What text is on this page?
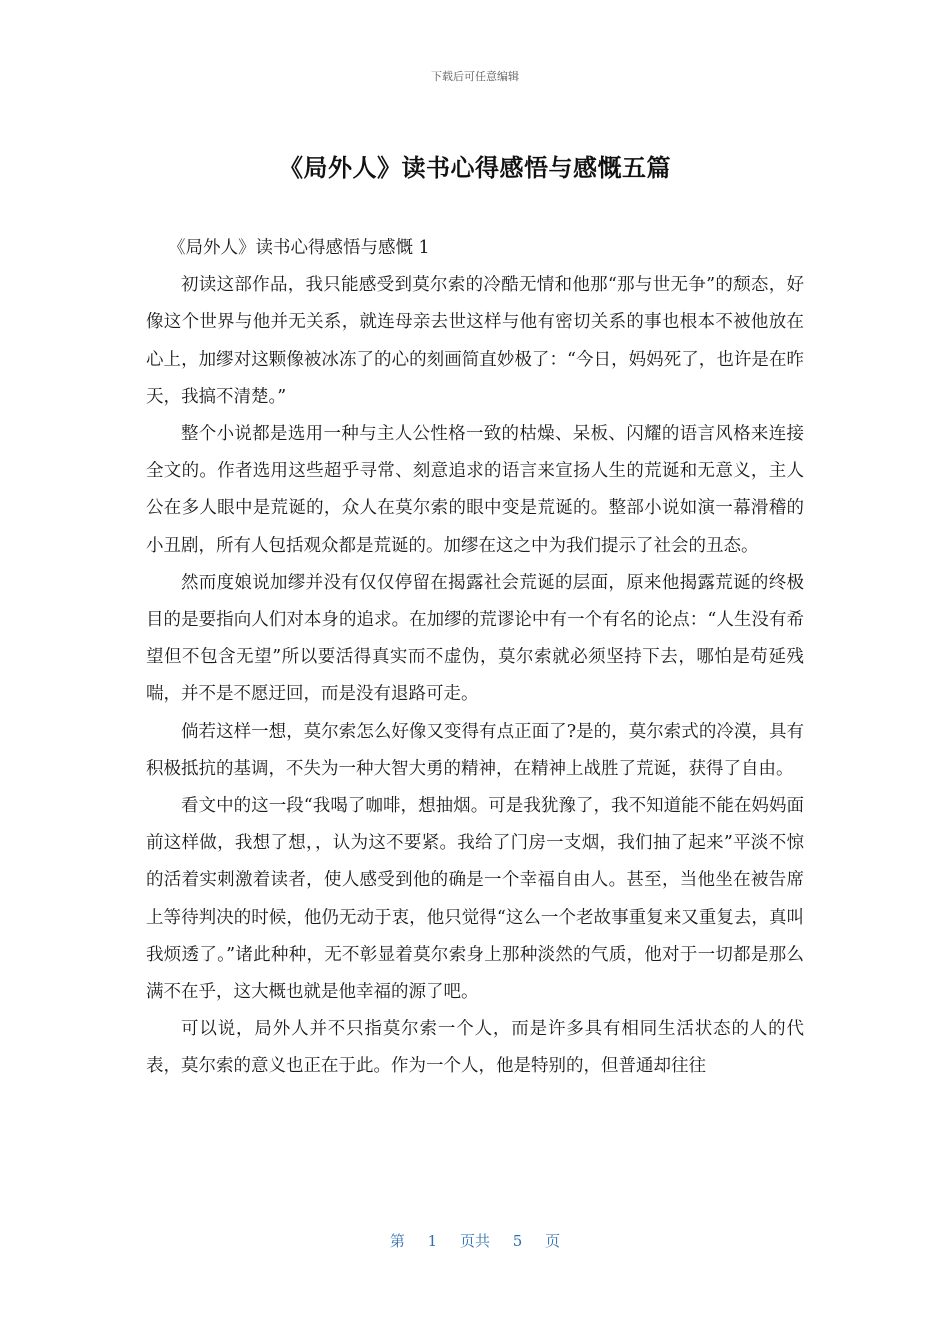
下载后可任意编辑
《局外人》读书心得感悟与感慨五篇

《局外人》读书心得感悟与感慨 1

初读这部作品，我只能感受到莫尔索的冷酷无情和他那“那与世无争”的颓态，好像这个世界与他并无关系，就连母亲去世这样与他有密切关系的事也根本不被他放在心上，加缪对这颗像被冰冻了的心的刻画简直妙极了：“今日，妈妈死了，也许是在昨天，我搞不清楚。”

整个小说都是选用一种与主人公性格一致的枯燥、呆板、闪耀的语言风格来连接全文的。作者选用这些超乎寻常、刻意追求的语言来宣扬人生的荒诞和无意义，主人公在多人眼中是荒诞的，众人在莫尔索的眼中变是荒诞的。整部小说如演一幕滑稽的小丑剧，所有人包括观众都是荒诞的。加缪在这之中为我们提示了社会的丑态。

然而度娘说加缪并没有仅仅停留在揭露社会荒诞的层面，原来他揭露荒诞的终极目的是要指向人们对本身的追求。在加缪的荒谬论中有一个有名的论点：“人生没有希望但不包含无望”所以要活得真实而不虚伪，莫尔索就必须坚持下去，哪怕是苟延残喘，并不是不愿迂回，而是没有退路可走。

倘若这样一想，莫尔索怎么好像又变得有点正面了?是的，莫尔索式的冷漠，具有积极抵抗的基调，不失为一种大智大勇的精神，在精神上战胜了荒诞，获得了自由。

看文中的这一段“我喝了咖啡，想抽烟。可是我犹豫了，我不知道能不能在妈妈面前这样做，我想了想，，认为这不要紧。我给了门房一支烟，我们抽了起来”平淡不惊的活着实刺激着读者，使人感受到他的确是一个幸福自由人。甚至，当他坐在被告席上等待判决的时候，他仍无动于衷，他只觉得“这么一个老故事重复来又重复去，真叫我烦透了。”诸此种种，无不彰显着莫尔索身上那种淡然的气质，他对于一切都是那么满不在乎，这大概也就是他幸福的源了吧。

可以说，局外人并不只指莫尔索一个人，而是许多具有相同生活状态的人的代表，莫尔索的意义也正在于此。作为一个人，他是特别的，但普通却往往

第 1 页共 5 页
